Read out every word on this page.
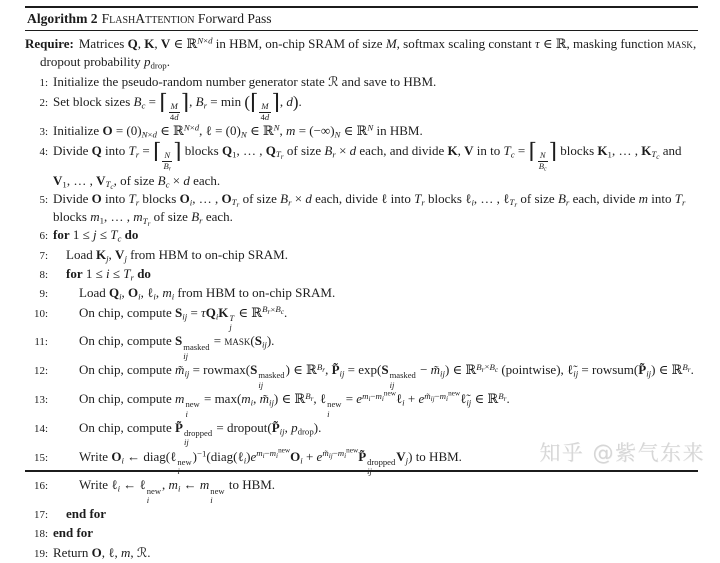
Algorithm 2 FlashAttention Forward Pass
Require: Matrices Q, K, V ∈ ℝ$^{N\times d}$ in HBM, on-chip SRAM of size M, softmax scaling constant τ ∈ ℝ, masking function mask, dropout probability $p_{drop}$.
1: Initialize the pseudo-random number generator state ℛ and save to HBM.
2: Set block sizes $B_c$ = ⌈ $\frac{M}{4d}$ ⌉, $B_r = \min$ (⌈ $\frac{M}{4d}$ ⌉, d).
3: Initialize $O = (0)_{N\times d}$ ∈ ℝ$^{N\times d}$, ℓ = $(0)_N$ ∈ ℝ$^N$, $m = (-\infty)_N$ ∈ ℝ$^N$ in HBM.
4: Divide Q into $T_r$ = ⌈ $\frac{N}{B_r}$ ⌉ blocks $Q_1$, … , $Q_{T_r}$ of size $B_r \times d$ each, and divide K, V in to $T_c$ = ⌈ $\frac{N}{B_c}$ ⌉ blocks $K_1$, … , $K_{T_c}$ and $V_1$, … , $V_{T_c}$, of size $B_c \times d$ each.
5: Divide O into $T_r$ blocks $O_i$, … , $O_{T_r}$ of size $B_r \times d$ each, divide ℓ into $T_r$ blocks ℓ$_i$, … , ℓ$_{T_r}$ of size $B_r$ each, divide m into $T_r$ blocks $m_1$, … , $m_{T_r}$ of size $B_r$ each.
6: for $1 \le j \le T_c$ do
7:	Load $K_j$, $V_j$ from HBM to on-chip SRAM.
8:	for $1 \le i \le T_r$ do
9:	Load $Q_i$, $O_i$, ℓ$_i$, $m_i$ from HBM to on-chip SRAM.
10:	On chip, compute $S_{ij} = \tau Q_iK$ T
j
∈ ℝ$^{B_r\times B_c}$.
11:	On chip, compute S masked
ij
= $mask(S_{ij})$.
12:	On chip, compute $m̃_{ij} = rowmax(S$ masked
ij
) ∈ ℝ$^{B_r}$, $P̃_{ij} = \exp(S$ masked
ij
− $m̃_{ij}$) ∈ ℝ$^{B_r\times B_c}$ (pointwise), $\ell̃_{ij}$ = $rowsum(P̃_{ij})$ ∈ ℝ$^{B_r}$.
13:	On chip, compute m new
i
= $\max(m_i$, $m̃_{ij}$) ∈ ℝ$^{B_r}$, ℓ new
i
= $e^{m_i-m_i^{new}}\ell_i$ + $e^{m̃_{ij}-m_i^{new}}\ell̃_{ij}$ ∈ ℝ$^{B_r}$.
14:	On chip, compute P̃ dropped
ij
= $dropout(P̃_{ij}$, $p_{drop}$).
15:	Write $O_i$ ← diag(ℓ new
i
)$^{-1}(diag(\ell_i)e^{m_i-m_i^{new}}O_i$ + $e^{m̃_{ij}-m_i^{new}}P̃$ dropped
ij
$V_j$) to HBM.
16:	Write ℓ$_i$ ← ℓ new
i
, $m_i$ ← m new
i
to HBM.
17:	end for
18: end for
19: Return O, ℓ, m, ℛ.
知乎 @紫气东来
